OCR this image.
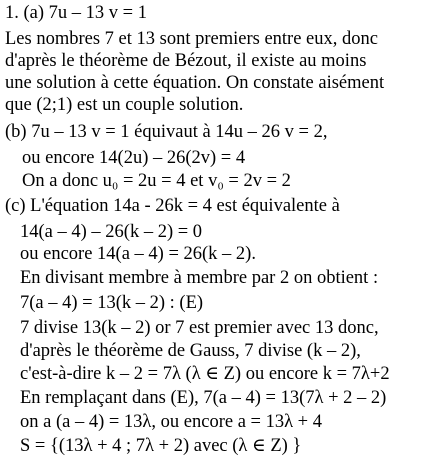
1. (a) 7u – 13 v = 1
Les nombres 7 et 13 sont premiers entre eux, donc
d'après le théorème de Bézout, il existe au moins
une solution à cette équation. On constate aisément
que (2;1) est un couple solution.
(b) 7u – 13 v = 1 équivaut à 14u – 26 v = 2,
ou encore 14(2u) – 26(2v) = 4
On a donc u₀ = 2u = 4 et v₀ = 2v = 2
(c) L'équation 14a - 26k = 4 est équivalente à
14(a – 4) – 26(k – 2) = 0
ou encore 14(a – 4) = 26(k – 2).
En divisant membre à membre par 2 on obtient :
7(a – 4) = 13(k – 2) : (E)
7 divise 13(k – 2) or 7 est premier avec 13 donc,
d'après le théorème de Gauss, 7 divise (k – 2),
c'est-à-dire k – 2 = 7λ (λ ∈ Z) ou encore k = 7λ+2
En remplaçant dans (E), 7(a – 4) = 13(7λ + 2 – 2)
on a (a – 4) = 13λ, ou encore a = 13λ + 4
S = {(13λ + 4 ; 7λ + 2) avec (λ ∈ Z) }
